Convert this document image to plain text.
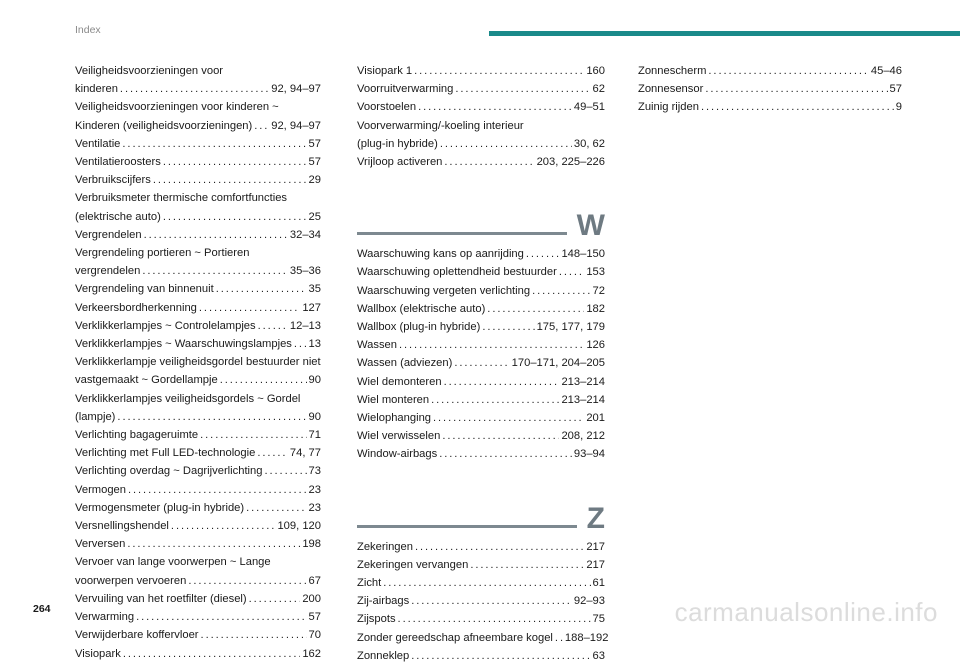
Index
Veiligheidsvoorzieningen voor
kinderen . . .	92, 94–97
Veiligheidsvoorzieningen voor kinderen ~
Kinderen (veiligheidsvoorzieningen) . . . 92, 94–97
Ventilatie . . .	57
Ventilatieroosters . . .	57
Verbruikscijfers . . .	29
Verbruiksmeter thermische comfortfuncties
(elektrische auto) . . .	25
Vergrendelen . . .	32–34
Vergrendeling portieren ~ Portieren
vergrendelen . . .	35–36
Vergrendeling van binnenuit . . .	35
Verkeersbordherkenning . . .	127
Verklikkerlampjes ~ Controlelampjes . . .	12–13
Verklikkerlampjes ~ Waarschuwingslampjes . . . 13
Verklikkerlampje veiligheidsgordel bestuurder niet
vastgemaakt ~ Gordellampje . . .	90
Verklikkerlampjes veiligheidsgordels ~ Gordel
(lampje) . . .	90
Verlichting bagageruimte . . .	71
Verlichting met Full LED-technologie . . .	74, 77
Verlichting overdag ~ Dagrijverlichting . . .	73
Vermogen . . .	23
Vermogensmeter (plug-in hybride) . . .	23
Versnellingshendel . . .	109, 120
Verversen . . .	198
Vervoer van lange voorwerpen ~ Lange
voorwerpen vervoeren . . .	67
Vervuiling van het roetfilter (diesel) . . .	200
Verwarming . . .	57
Verwijderbare koffervloer . . .	70
Visiopark . . .	162
Visiopark 1 . . .	160
Voorruitverwarming . . .	62
Voorstoelen . . .	49–51
Voorverwarming/-koeling interieur
(plug-in hybride) . . .	30, 62
Vrijloop activeren . . .	203, 225–226
W
Waarschuwing kans op aanrijding . . .	148–150
Waarschuwing oplettendheid bestuurder . . .	153
Waarschuwing vergeten verlichting . . .	72
Wallbox (elektrische auto) . . .	182
Wallbox (plug-in hybride) . . .	175, 177, 179
Wassen . . .	126
Wassen (adviezen) . . .	170–171, 204–205
Wiel demonteren . . .	213–214
Wiel monteren . . .	213–214
Wielophanging . . .	201
Wiel verwisselen . . .	208, 212
Window-airbags . . .	93–94
Z
Zekeringen . . .	217
Zekeringen vervangen . . .	217
Zicht . . .	61
Zij-airbags . . .	92–93
Zijspots . . .	75
Zonder gereedschap afneembare kogel . . . 188–192
Zonneklep . . .	63
Zonnescherm . . .	45–46
Zonnesensor . . .	57
Zuinig rijden . . .	9
264	carmanualsonline.info
